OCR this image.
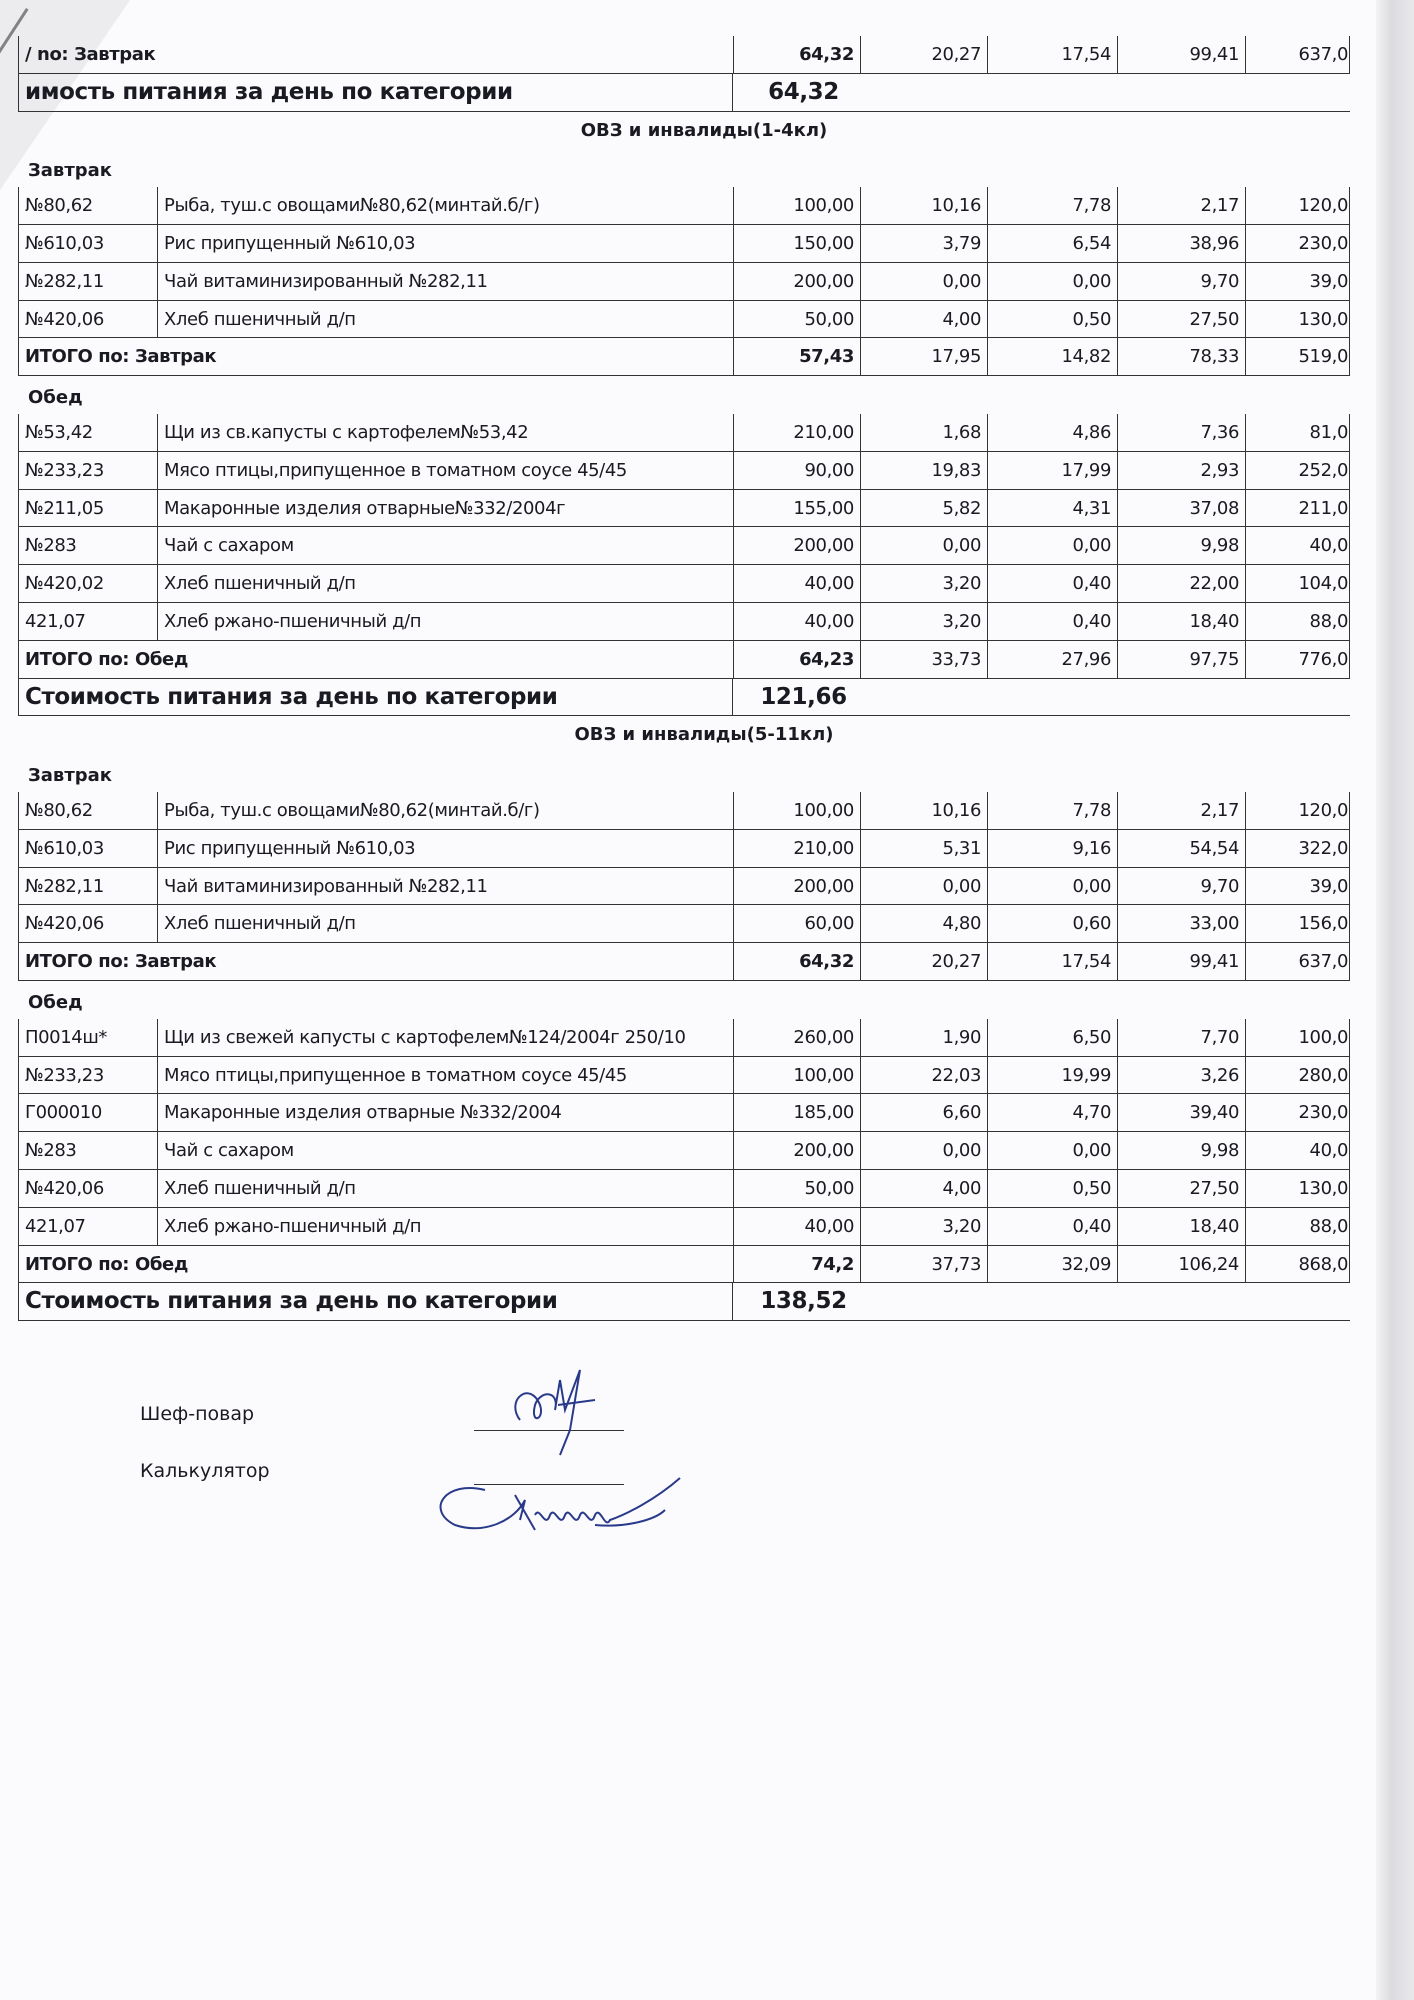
/ no: Завтрак	64,32	20,27	17,54	99,41	637,0
имость питания за день по категории	64,32
ОВЗ и инвалиды(1-4кл)
Завтрак
№80,62	Рыба, туш.с овощами№80,62(минтай.б/г)	100,00	10,16	7,78	2,17	120,0
№610,03	Рис припущенный №610,03	150,00	3,79	6,54	38,96	230,0
№282,11	Чай витаминизированный №282,11	200,00	0,00	0,00	9,70	39,0
№420,06	Хлеб пшеничный д/п	50,00	4,00	0,50	27,50	130,0
ИТОГО по: Завтрак	57,43	17,95	14,82	78,33	519,0
Обед
№53,42	Щи из св.капусты с картофелем№53,42	210,00	1,68	4,86	7,36	81,0
№233,23	Мясо птицы,припущенное в томатном соусе 45/45	90,00	19,83	17,99	2,93	252,0
№211,05	Макаронные изделия отварные№332/2004г	155,00	5,82	4,31	37,08	211,0
№283	Чай с сахаром	200,00	0,00	0,00	9,98	40,0
№420,02	Хлеб пшеничный д/п	40,00	3,20	0,40	22,00	104,0
421,07	Хлеб ржано-пшеничный д/п	40,00	3,20	0,40	18,40	88,0
ИТОГО по: Обед	64,23	33,73	27,96	97,75	776,0
Стоимость питания за день по категории	121,66
ОВЗ и инвалиды(5-11кл)
Завтрак
№80,62	Рыба, туш.с овощами№80,62(минтай.б/г)	100,00	10,16	7,78	2,17	120,0
№610,03	Рис припущенный №610,03	210,00	5,31	9,16	54,54	322,0
№282,11	Чай витаминизированный №282,11	200,00	0,00	0,00	9,70	39,0
№420,06	Хлеб пшеничный д/п	60,00	4,80	0,60	33,00	156,0
ИТОГО по: Завтрак	64,32	20,27	17,54	99,41	637,0
Обед
П0014ш*	Щи из свежей капусты с картофелем№124/2004г 250/10	260,00	1,90	6,50	7,70	100,0
№233,23	Мясо птицы,припущенное в томатном соусе 45/45	100,00	22,03	19,99	3,26	280,0
Г000010	Макаронные изделия отварные №332/2004	185,00	6,60	4,70	39,40	230,0
№283	Чай с сахаром	200,00	0,00	0,00	9,98	40,0
№420,06	Хлеб пшеничный д/п	50,00	4,00	0,50	27,50	130,0
421,07	Хлеб ржано-пшеничный д/п	40,00	3,20	0,40	18,40	88,0
ИТОГО по: Обед	74,2	37,73	32,09	106,24	868,0
Стоимость питания за день по категории	138,52
Шеф-повар
Калькулятор
